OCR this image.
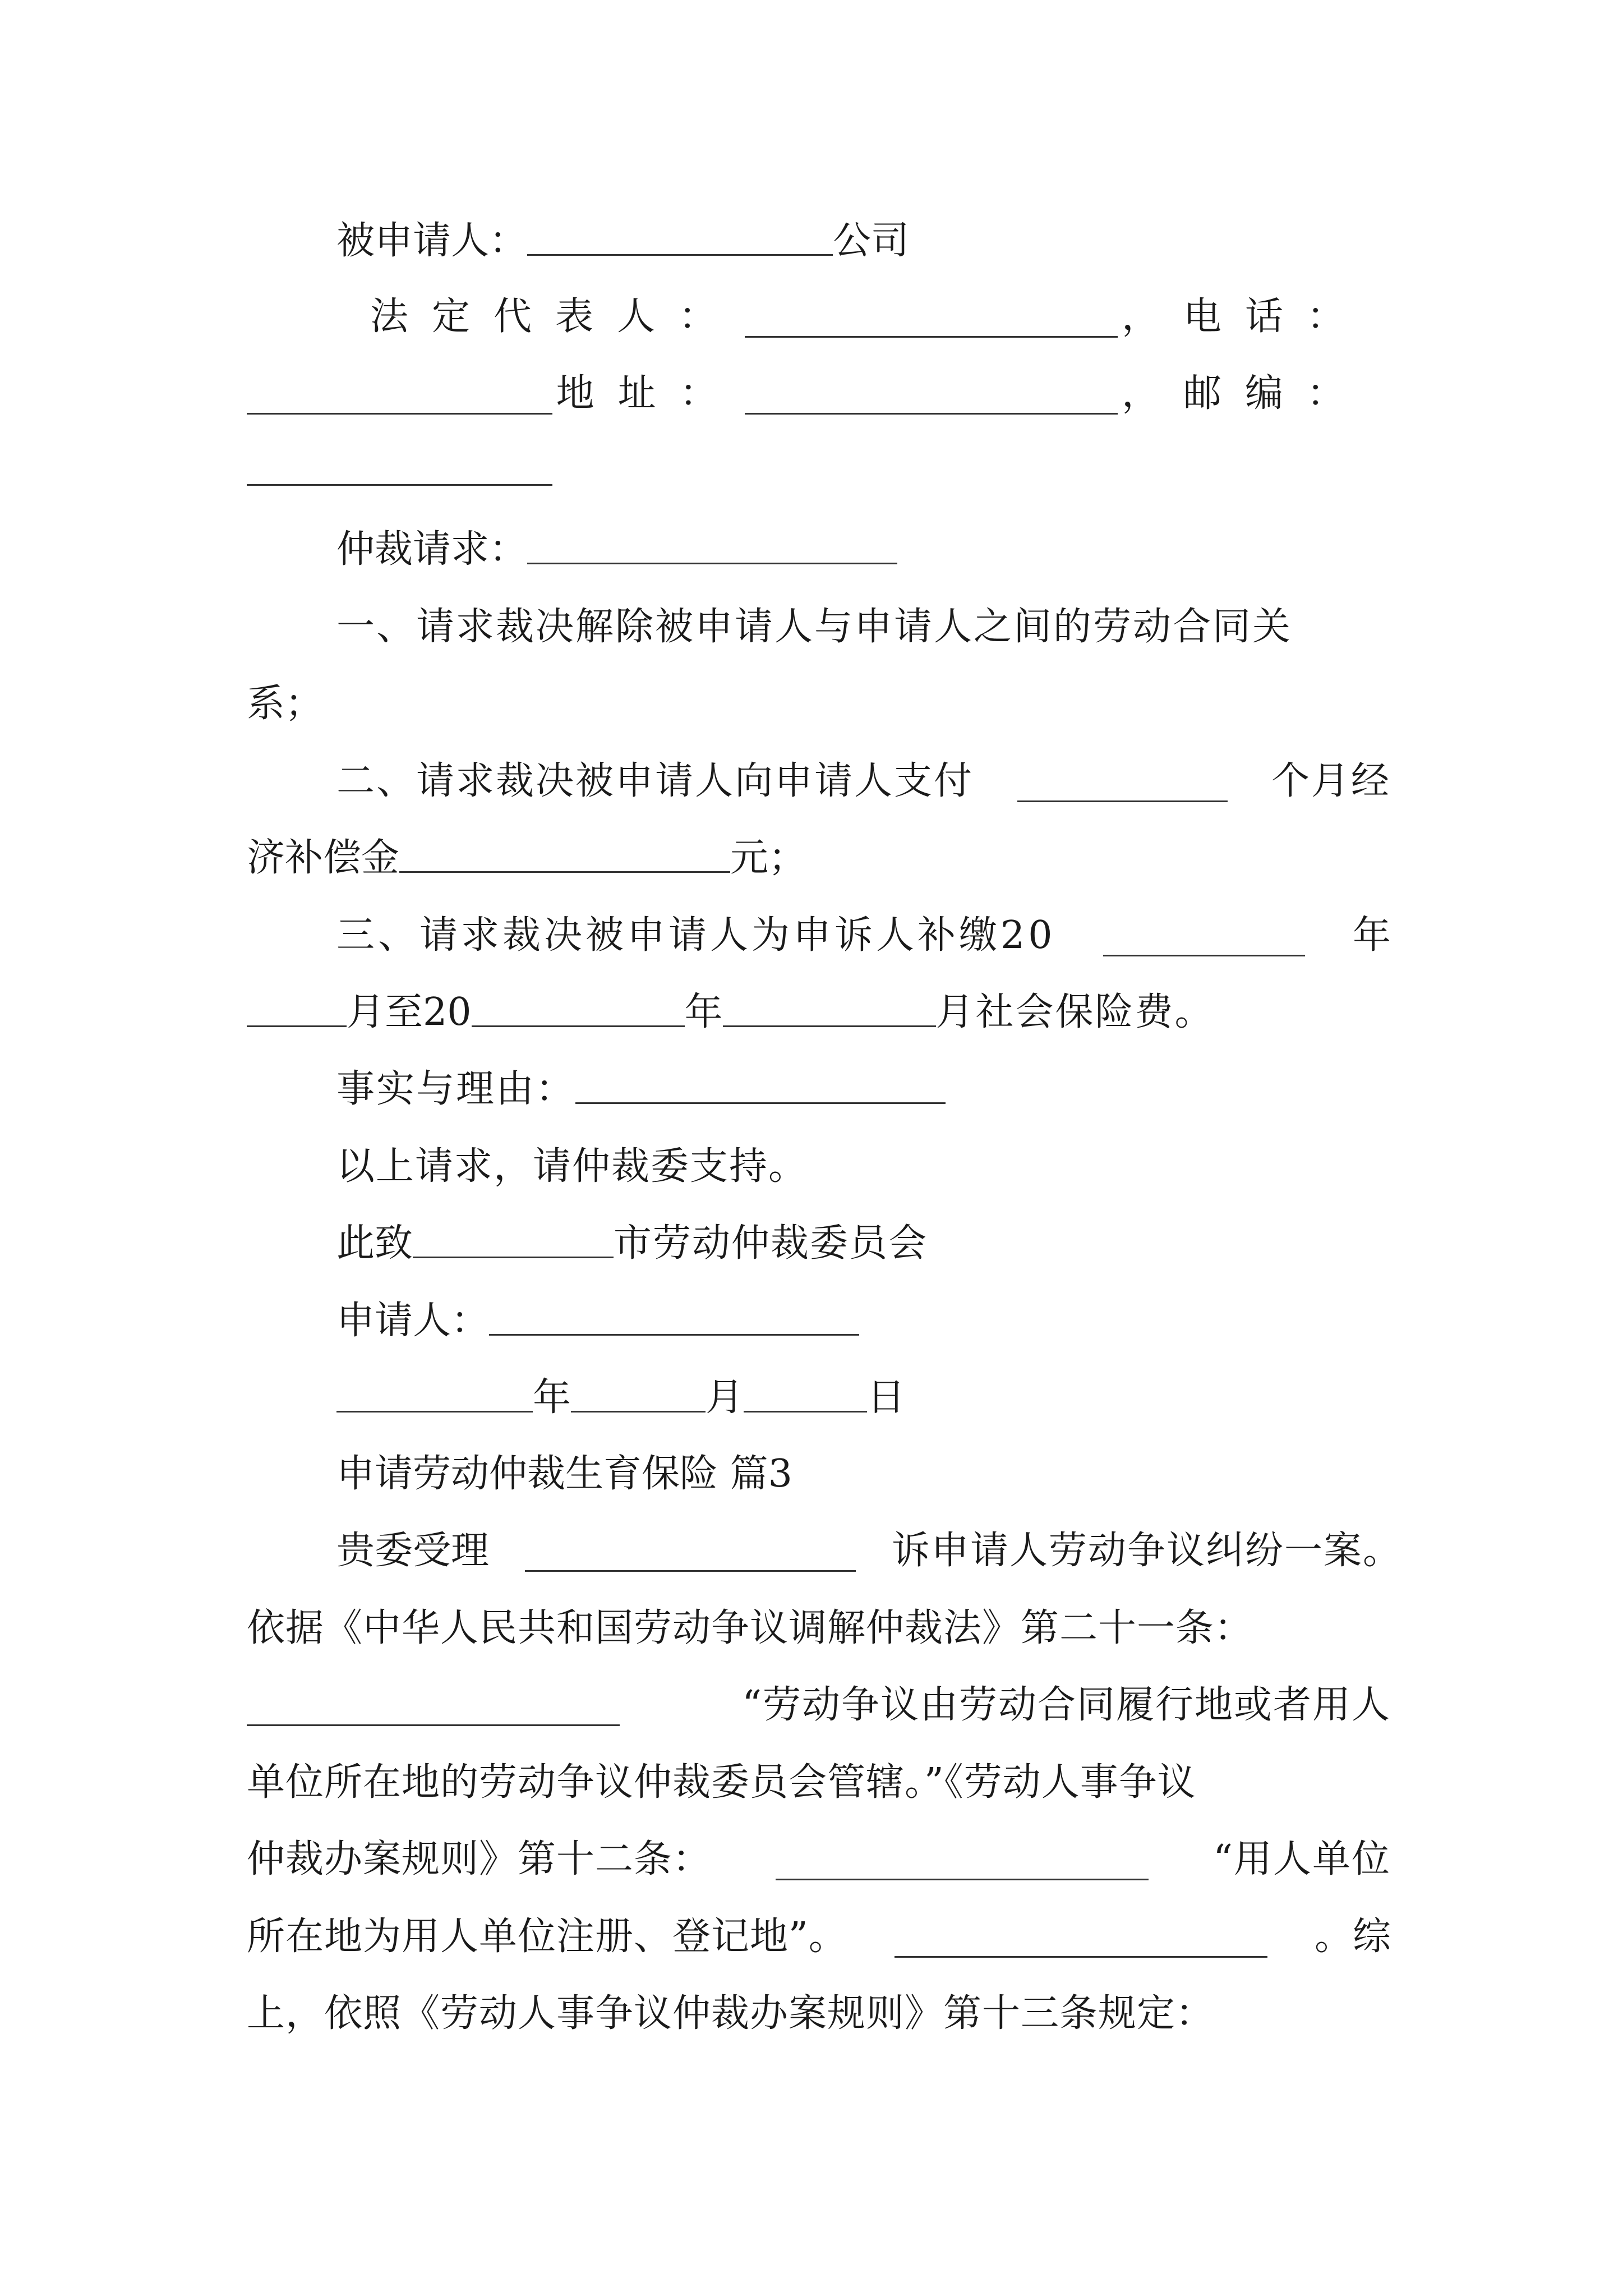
被申请人：	公司
法定代表人：	，电话：
地址：	，邮编：
仲裁请求：
一、请求裁决解除被申请人与申请人之间的劳动合同关
系；
二、请求裁决被申请人向申请人支付	个月经
济补偿金	元；
三、请求裁决被申请人为申诉人补缴20	年
月至20	年	月社会保险费。
事实与理由：
以上请求，请仲裁委支持。
此致	市劳动仲裁委员会
申请人：
年	月	日
申请劳动仲裁生育保险 篇3
贵委受理	诉申请人劳动争议纠纷一案。
依据《中华人民共和国劳动争议调解仲裁法》第二十一条：
“劳动争议由劳动合同履行地或者用人
单位所在地的劳动争议仲裁委员会管辖。”《劳动人事争议
仲裁办案规则》第十二条：	“用人单位
所在地为用人单位注册、登记地”。	。综
上，依照《劳动人事争议仲裁办案规则》第十三条规定：
